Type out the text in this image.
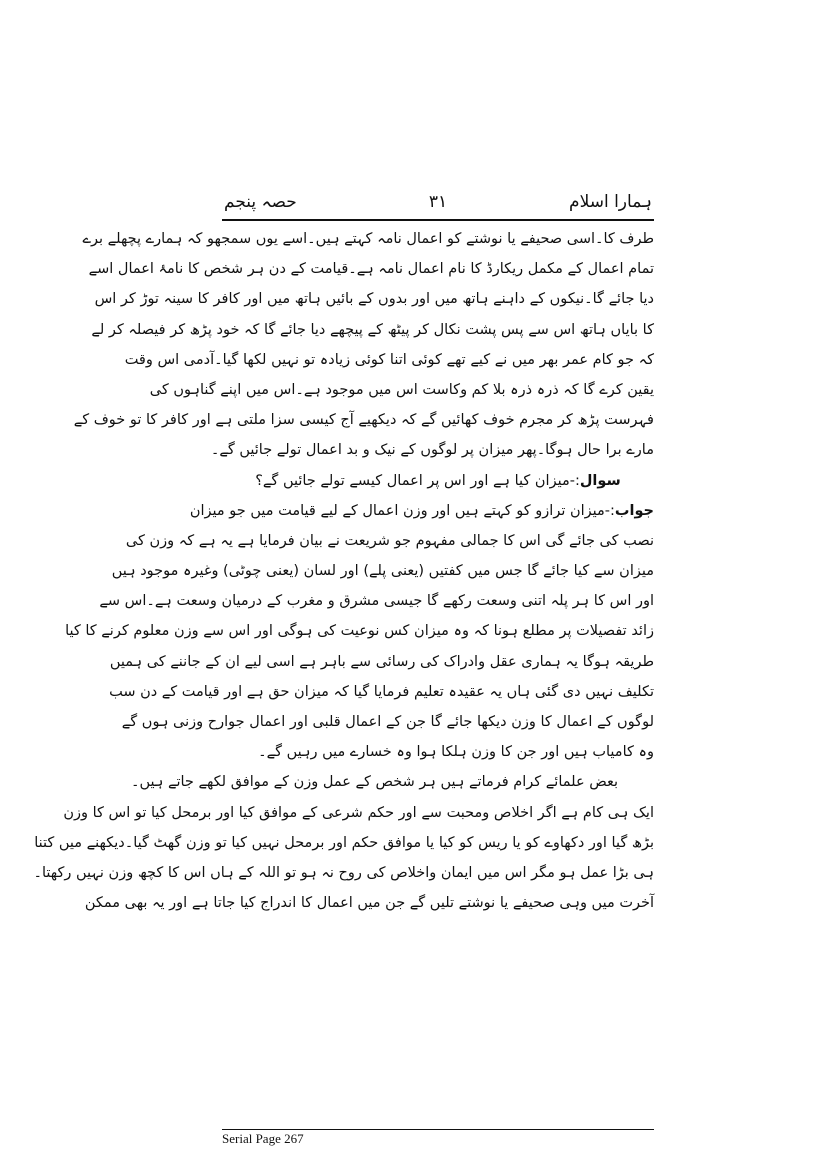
ہمارا اسلام
۳۱
حصہ پنجم
طرف کا۔اسی صحیفے یا نوشتے کو اعمال نامہ کہتے ہیں۔اسے یوں سمجھو کہ ہمارے پچھلے برے
تمام اعمال کے مکمل ریکارڈ کا نام اعمال نامہ ہے۔قیامت کے دن ہر شخص کا نامۂ اعمال اسے
دیا جائے گا۔نیکوں کے داہنے ہاتھ میں اور بدوں کے بائیں ہاتھ میں اور کافر کا سینہ توڑ کر اس
کا بایاں ہاتھ اس سے پس پشت نکال کر پیٹھ کے پیچھے دیا جائے گا کہ خود پڑھ کر فیصلہ کر لے
کہ جو کام عمر بھر میں نے کیے تھے کوئی اتنا کوئی زیادہ تو نہیں لکھا گیا۔آدمی اس وقت
یقین کرے گا کہ ذرہ ذرہ بلا کم وکاست اس میں موجود ہے۔اس میں اپنے گناہوں کی
فہرست پڑھ کر مجرم خوف کھائیں گے کہ دیکھیے آج کیسی سزا ملتی ہے اور کافر کا تو خوف کے
مارے برا حال ہوگا۔پھر میزان پر لوگوں کے نیک و بد اعمال تولے جائیں گے۔
سوال:-میزان کیا ہے اور اس پر اعمال کیسے تولے جائیں گے؟
جواب:-میزان ترازو کو کہتے ہیں اور وزن اعمال کے لیے قیامت میں جو میزان
نصب کی جائے گی اس کا جمالی مفہوم جو شریعت نے بیان فرمایا ہے یہ ہے کہ وزن کی
میزان سے کیا جائے گا جس میں کفتیں (یعنی پلے) اور لسان (یعنی چوٹی) وغیرہ موجود ہیں
اور اس کا ہر پلہ اتنی وسعت رکھے گا جیسی مشرق و مغرب کے درمیان وسعت ہے۔اس سے
زائد تفصیلات پر مطلع ہونا کہ وہ میزان کس نوعیت کی ہوگی اور اس سے وزن معلوم کرنے کا کیا
طریقہ ہوگا یہ ہماری عقل وادراک کی رسائی سے باہر ہے اسی لیے ان کے جاننے کی ہمیں
تکلیف نہیں دی گئی ہاں یہ عقیدہ تعلیم فرمایا گیا کہ میزان حق ہے اور قیامت کے دن سب
لوگوں کے اعمال کا وزن دیکھا جائے گا جن کے اعمال قلبی اور اعمال جوارح وزنی ہوں گے
وہ کامیاب ہیں اور جن کا وزن ہلکا ہوا وہ خسارے میں رہیں گے۔
بعض علمائے کرام فرماتے ہیں ہر شخص کے عمل وزن کے موافق لکھے جاتے ہیں۔
ایک ہی کام ہے اگر اخلاص ومحبت سے اور حکم شرعی کے موافق کیا اور برمحل کیا تو اس کا وزن
بڑھ گیا اور دکھاوے کو یا ریس کو کیا یا موافق حکم اور برمحل نہیں کیا تو وزن گھٹ گیا۔دیکھنے میں کتنا
ہی بڑا عمل ہو مگر اس میں ایمان واخلاص کی روح نہ ہو تو اللہ کے ہاں اس کا کچھ وزن نہیں رکھتا۔
آخرت میں وہی صحیفے یا نوشتے تلیں گے جن میں اعمال کا اندراج کیا جاتا ہے اور یہ بھی ممکن
Serial Page 267
